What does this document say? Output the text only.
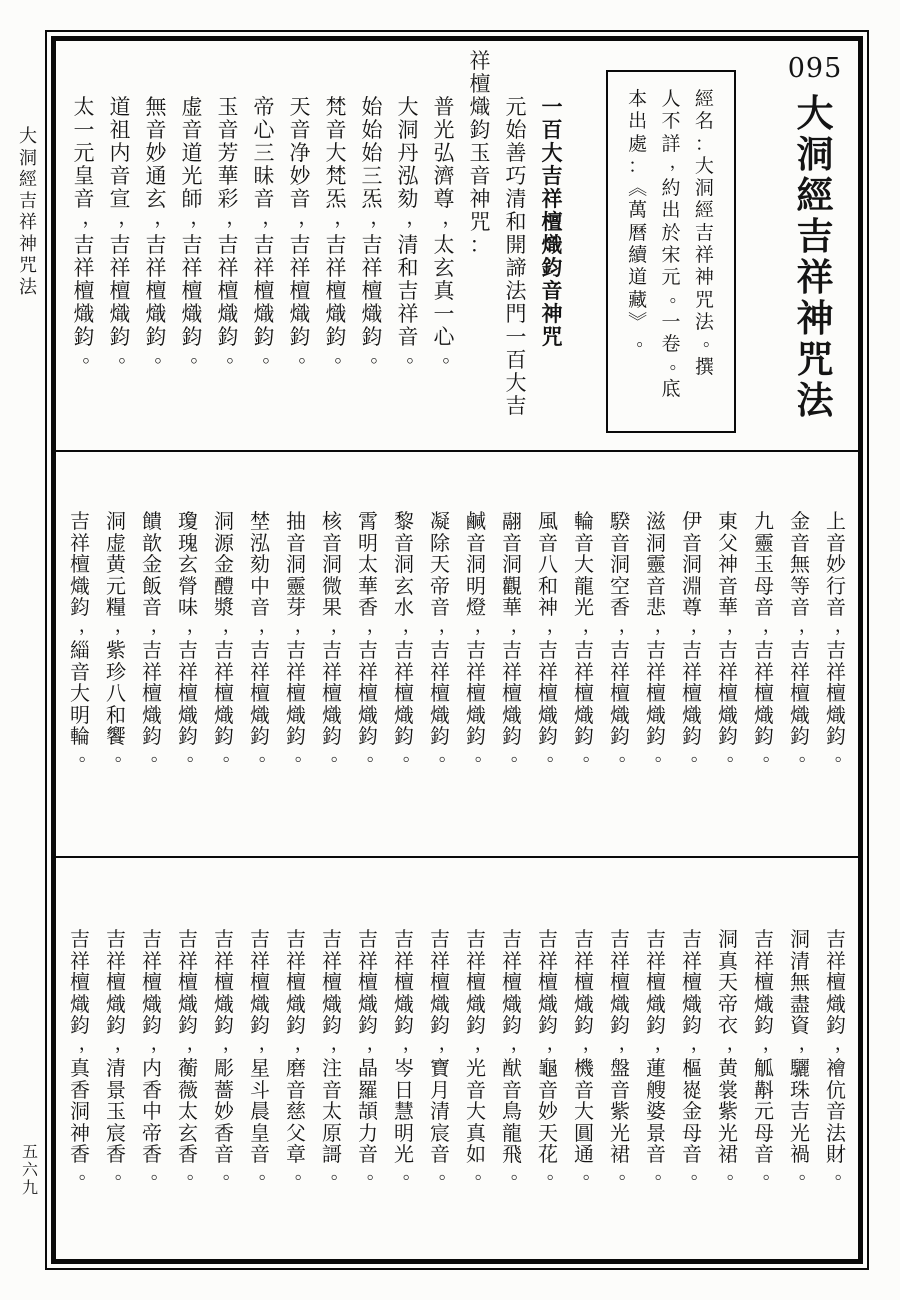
大
洞
經
吉
祥
神
咒
法
五
六
九
095
大
洞
經
吉
祥
神
咒
法
經
名
：
大
洞
經
吉
祥
神
咒
法
。
撰
人
不
詳
，
約
出
於
宋
元
。
一
卷
。
底
本
出
處
：
︽
萬
曆
續
道
藏
︾
。
一
百
大
吉
祥
檀
熾
鈞
音
神
咒
元
始
善
巧
清
和
開
諦
法
門
一
百
大
吉
祥
檀
熾
鈞
玉
音
神
咒
：
普
光
弘
濟
尊
，
太
玄
真
一
心
。
大
洞
丹
泓
劾
，
清
和
吉
祥
音
。
始
始
始
三
炁
，
吉
祥
檀
熾
鈞
。
梵
音
大
梵
炁
，
吉
祥
檀
熾
鈞
。
天
音
净
妙
音
，
吉
祥
檀
熾
鈞
。
帝
心
三
昧
音
，
吉
祥
檀
熾
鈞
。
玉
音
芳
華
彩
，
吉
祥
檀
熾
鈞
。
虚
音
道
光
師
，
吉
祥
檀
熾
鈞
。
無
音
妙
通
玄
，
吉
祥
檀
熾
鈞
。
道
祖
内
音
宣
，
吉
祥
檀
熾
鈞
。
太
一
元
皇
音
，
吉
祥
檀
熾
鈞
。
上
音
妙
行
音
，
吉
祥
檀
熾
鈞
。
金
音
無
等
音
，
吉
祥
檀
熾
鈞
。
九
靈
玉
母
音
，
吉
祥
檀
熾
鈞
。
東
父
神
音
華
，
吉
祥
檀
熾
鈞
。
伊
音
洞
淵
尊
，
吉
祥
檀
熾
鈞
。
滋
洞
靈
音
悲
，
吉
祥
檀
熾
鈞
。
騤
音
洞
空
香
，
吉
祥
檀
熾
鈞
。
輪
音
大
龍
光
，
吉
祥
檀
熾
鈞
。
風
音
八
和
神
，
吉
祥
檀
熾
鈞
。
翮
音
洞
觀
華
，
吉
祥
檀
熾
鈞
。
鹹
音
洞
明
燈
，
吉
祥
檀
熾
鈞
。
凝
除
天
帝
音
，
吉
祥
檀
熾
鈞
。
黎
音
洞
玄
水
，
吉
祥
檀
熾
鈞
。
霄
明
太
華
香
，
吉
祥
檀
熾
鈞
。
核
音
洞
微
果
，
吉
祥
檀
熾
鈞
。
抽
音
洞
靈
芽
，
吉
祥
檀
熾
鈞
。
埜
泓
劾
中
音
，
吉
祥
檀
熾
鈞
。
洞
源
金
醴
漿
，
吉
祥
檀
熾
鈞
。
瓊
瑰
玄
膋
味
，
吉
祥
檀
熾
鈞
。
饋
歆
金
飯
音
，
吉
祥
檀
熾
鈞
。
洞
虚
黄
元
糧
，
紫
珍
八
和
饗
。
吉
祥
檀
熾
鈞
，
緇
音
大
明
輪
。
吉
祥
檀
熾
鈞
，
襘
伉
音
法
財
。
洞
清
無
盡
資
，
驪
珠
吉
光
禍
。
吉
祥
檀
熾
鈞
，
觚
斠
元
母
音
。
洞
真
天
帝
衣
，
黄
裳
紫
光
裙
。
吉
祥
檀
熾
鈞
，
樞
嵸
金
母
音
。
吉
祥
檀
熾
鈞
，
蓮
艘
婆
景
音
。
吉
祥
檀
熾
鈞
，
盤
音
紫
光
裙
。
吉
祥
檀
熾
鈞
，
機
音
大
圓
通
。
吉
祥
檀
熾
鈞
，
龜
音
妙
天
花
。
吉
祥
檀
熾
鈞
，
猷
音
鳥
龍
飛
。
吉
祥
檀
熾
鈞
，
光
音
大
真
如
。
吉
祥
檀
熾
鈞
，
寶
月
清
宸
音
。
吉
祥
檀
熾
鈞
，
岑
日
慧
明
光
。
吉
祥
檀
熾
鈞
，
晶
羅
頡
力
音
。
吉
祥
檀
熾
鈞
，
注
音
太
原
謌
。
吉
祥
檀
熾
鈞
，
磨
音
慈
父
章
。
吉
祥
檀
熾
鈞
，
星
斗
晨
皇
音
。
吉
祥
檀
熾
鈞
，
彫
薔
妙
香
音
。
吉
祥
檀
熾
鈞
，
蘅
薇
太
玄
香
。
吉
祥
檀
熾
鈞
，
内
香
中
帝
香
。
吉
祥
檀
熾
鈞
，
清
景
玉
宸
香
。
吉
祥
檀
熾
鈞
，
真
香
洞
神
香
。
